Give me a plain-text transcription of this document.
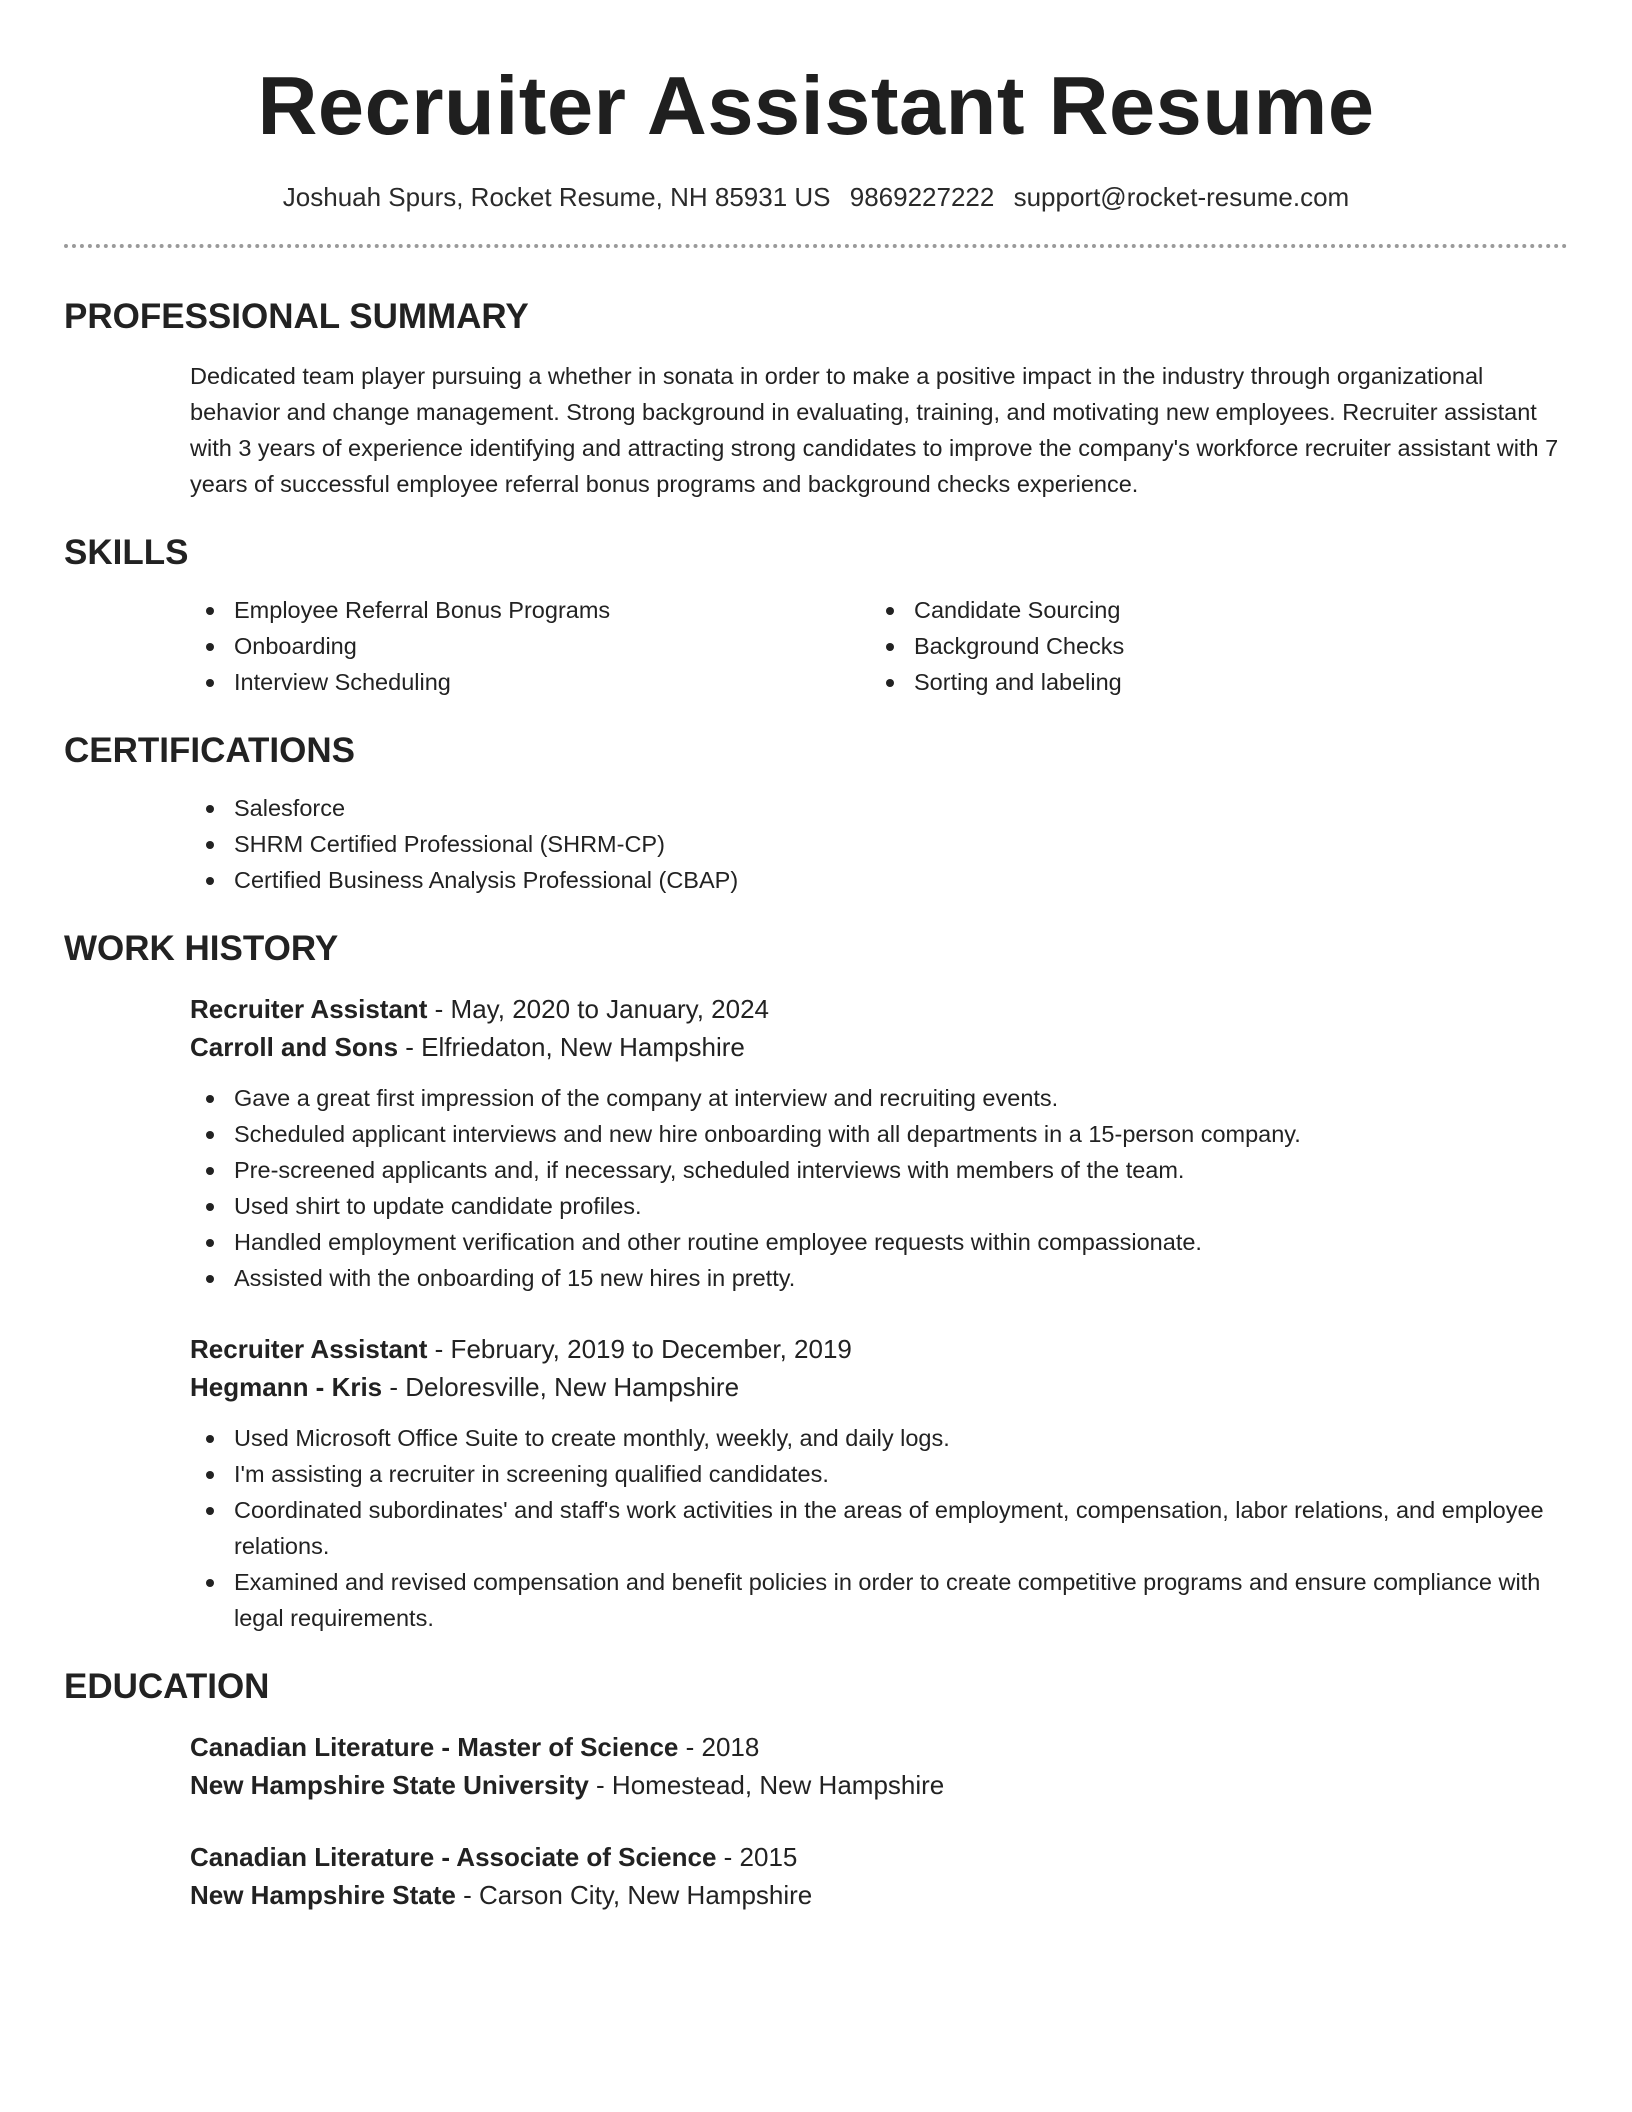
Recruiter Assistant Resume
Joshuah Spurs, Rocket Resume, NH 85931 US 9869227222 support@rocket-resume.com
PROFESSIONAL SUMMARY

Dedicated team player pursuing a whether in sonata in order to make a positive impact in the industry through organizational behavior and change management. Strong background in evaluating, training, and motivating new employees. Recruiter assistant with 3 years of experience identifying and attracting strong candidates to improve the company's workforce recruiter assistant with 7 years of successful employee referral bonus programs and background checks experience.

SKILLS
Employee Referral Bonus Programs
Onboarding
Interview Scheduling
Candidate Sourcing
Background Checks
Sorting and labeling
CERTIFICATIONS
Salesforce
SHRM Certified Professional (SHRM-CP)
Certified Business Analysis Professional (CBAP)
WORK HISTORY
Recruiter Assistant - May, 2020 to January, 2024
Carroll and Sons - Elfriedaton, New Hampshire
Gave a great first impression of the company at interview and recruiting events.
Scheduled applicant interviews and new hire onboarding with all departments in a 15-person company.
Pre-screened applicants and, if necessary, scheduled interviews with members of the team.
Used shirt to update candidate profiles.
Handled employment verification and other routine employee requests within compassionate.
Assisted with the onboarding of 15 new hires in pretty.
Recruiter Assistant - February, 2019 to December, 2019
Hegmann - Kris - Deloresville, New Hampshire
Used Microsoft Office Suite to create monthly, weekly, and daily logs.
I'm assisting a recruiter in screening qualified candidates.
Coordinated subordinates' and staff's work activities in the areas of employment, compensation, labor relations, and employee relations.
Examined and revised compensation and benefit policies in order to create competitive programs and ensure compliance with legal requirements.
EDUCATION
Canadian Literature - Master of Science - 2018
New Hampshire State University - Homestead, New Hampshire
Canadian Literature - Associate of Science - 2015
New Hampshire State - Carson City, New Hampshire
